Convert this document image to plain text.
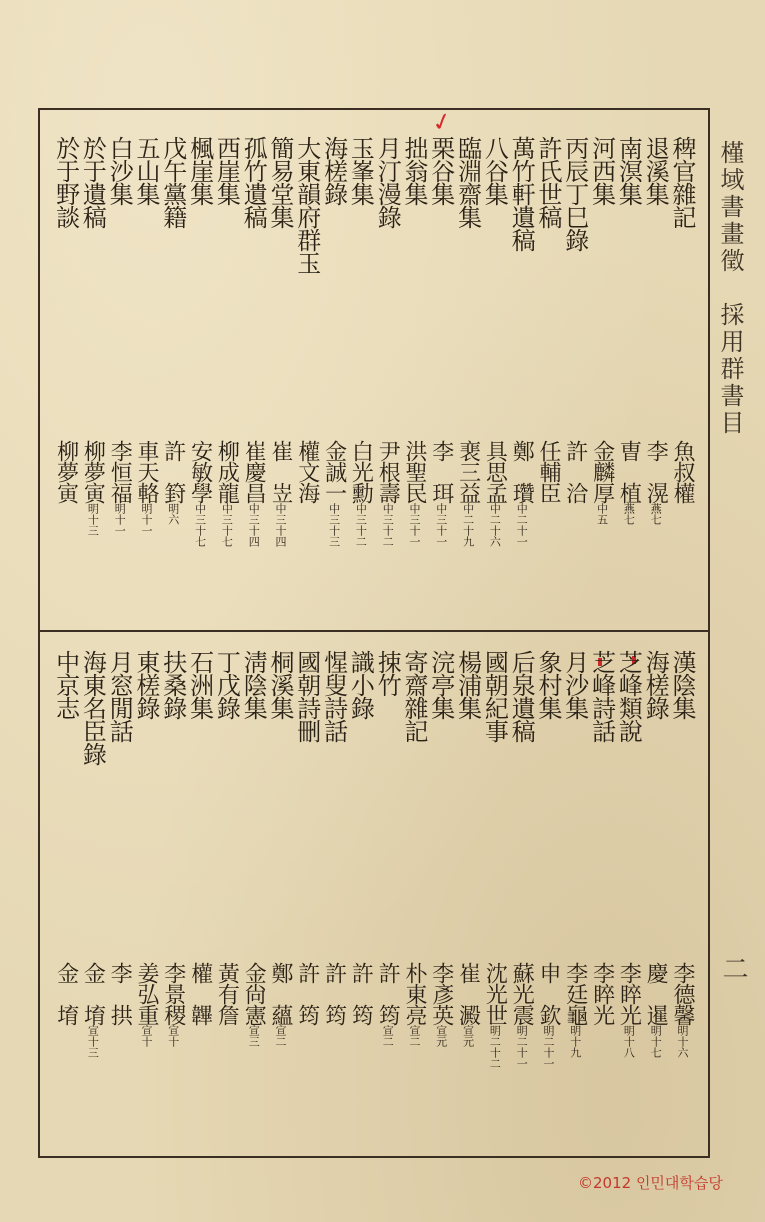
槿域書畫徵　採用群書目
二
✓
稗官雜記
退溪集
南溟集
河西集
丙辰丁巳錄
許氏世稿
萬竹軒遺稿
八谷集
臨淵齋集
栗谷集
拙翁集
月汀漫錄
玉峯集
海槎錄
大東韻府群玉
簡易堂集
孤竹遺稿
西崖集
楓崖集
戊午黨籍
五山集
白沙集
於于遺稿
於于野談
魚叔權
李　滉燕七
曺　植燕七
金麟厚中五
許　洽
任輔臣
鄭　瓚中二十一
具思孟中二十六
裵三益中二十九
李　珥中三十一
洪聖民中三十一
尹根壽中三十二
白光勳中三十二
金誠一中三十三
權文海
崔　岦中三十四
崔慶昌中三十四
柳成龍中三十七
安敏學中三十七
許　篈明六
車天輅明十一
李恒福明十一
柳夢寅明十三
柳夢寅
漢陰集
海槎錄
芝峰類說
芝峰詩話
月沙集
象村集
后泉遺稿
國朝紀事
楊浦集
浣亭集
寄齋雜記
捒竹
識小錄
惺叟詩話
國朝詩刪
桐溪集
淸陰集
丁戊錄
石洲集
扶桑錄
東槎錄
月窓閒話
海東名臣錄
中京志
李德馨明十六
慶　暹明十七
李睟光明十八
李睟光
李廷龜明十九
申　欽明二十一
蘇光震明二十一
沈光世明二十二
崔　澱宣元
李彥英宣元
朴東亮宣二
許　筠宣二
許　筠
許　筠
許　筠
鄭　蘊宣二
金尙憲宣三
黃有詹
權　韠
李景稷宣十
姜弘重宣十
李　拱
金　堉宣十三
金　堉
©2012 인민대학습당
